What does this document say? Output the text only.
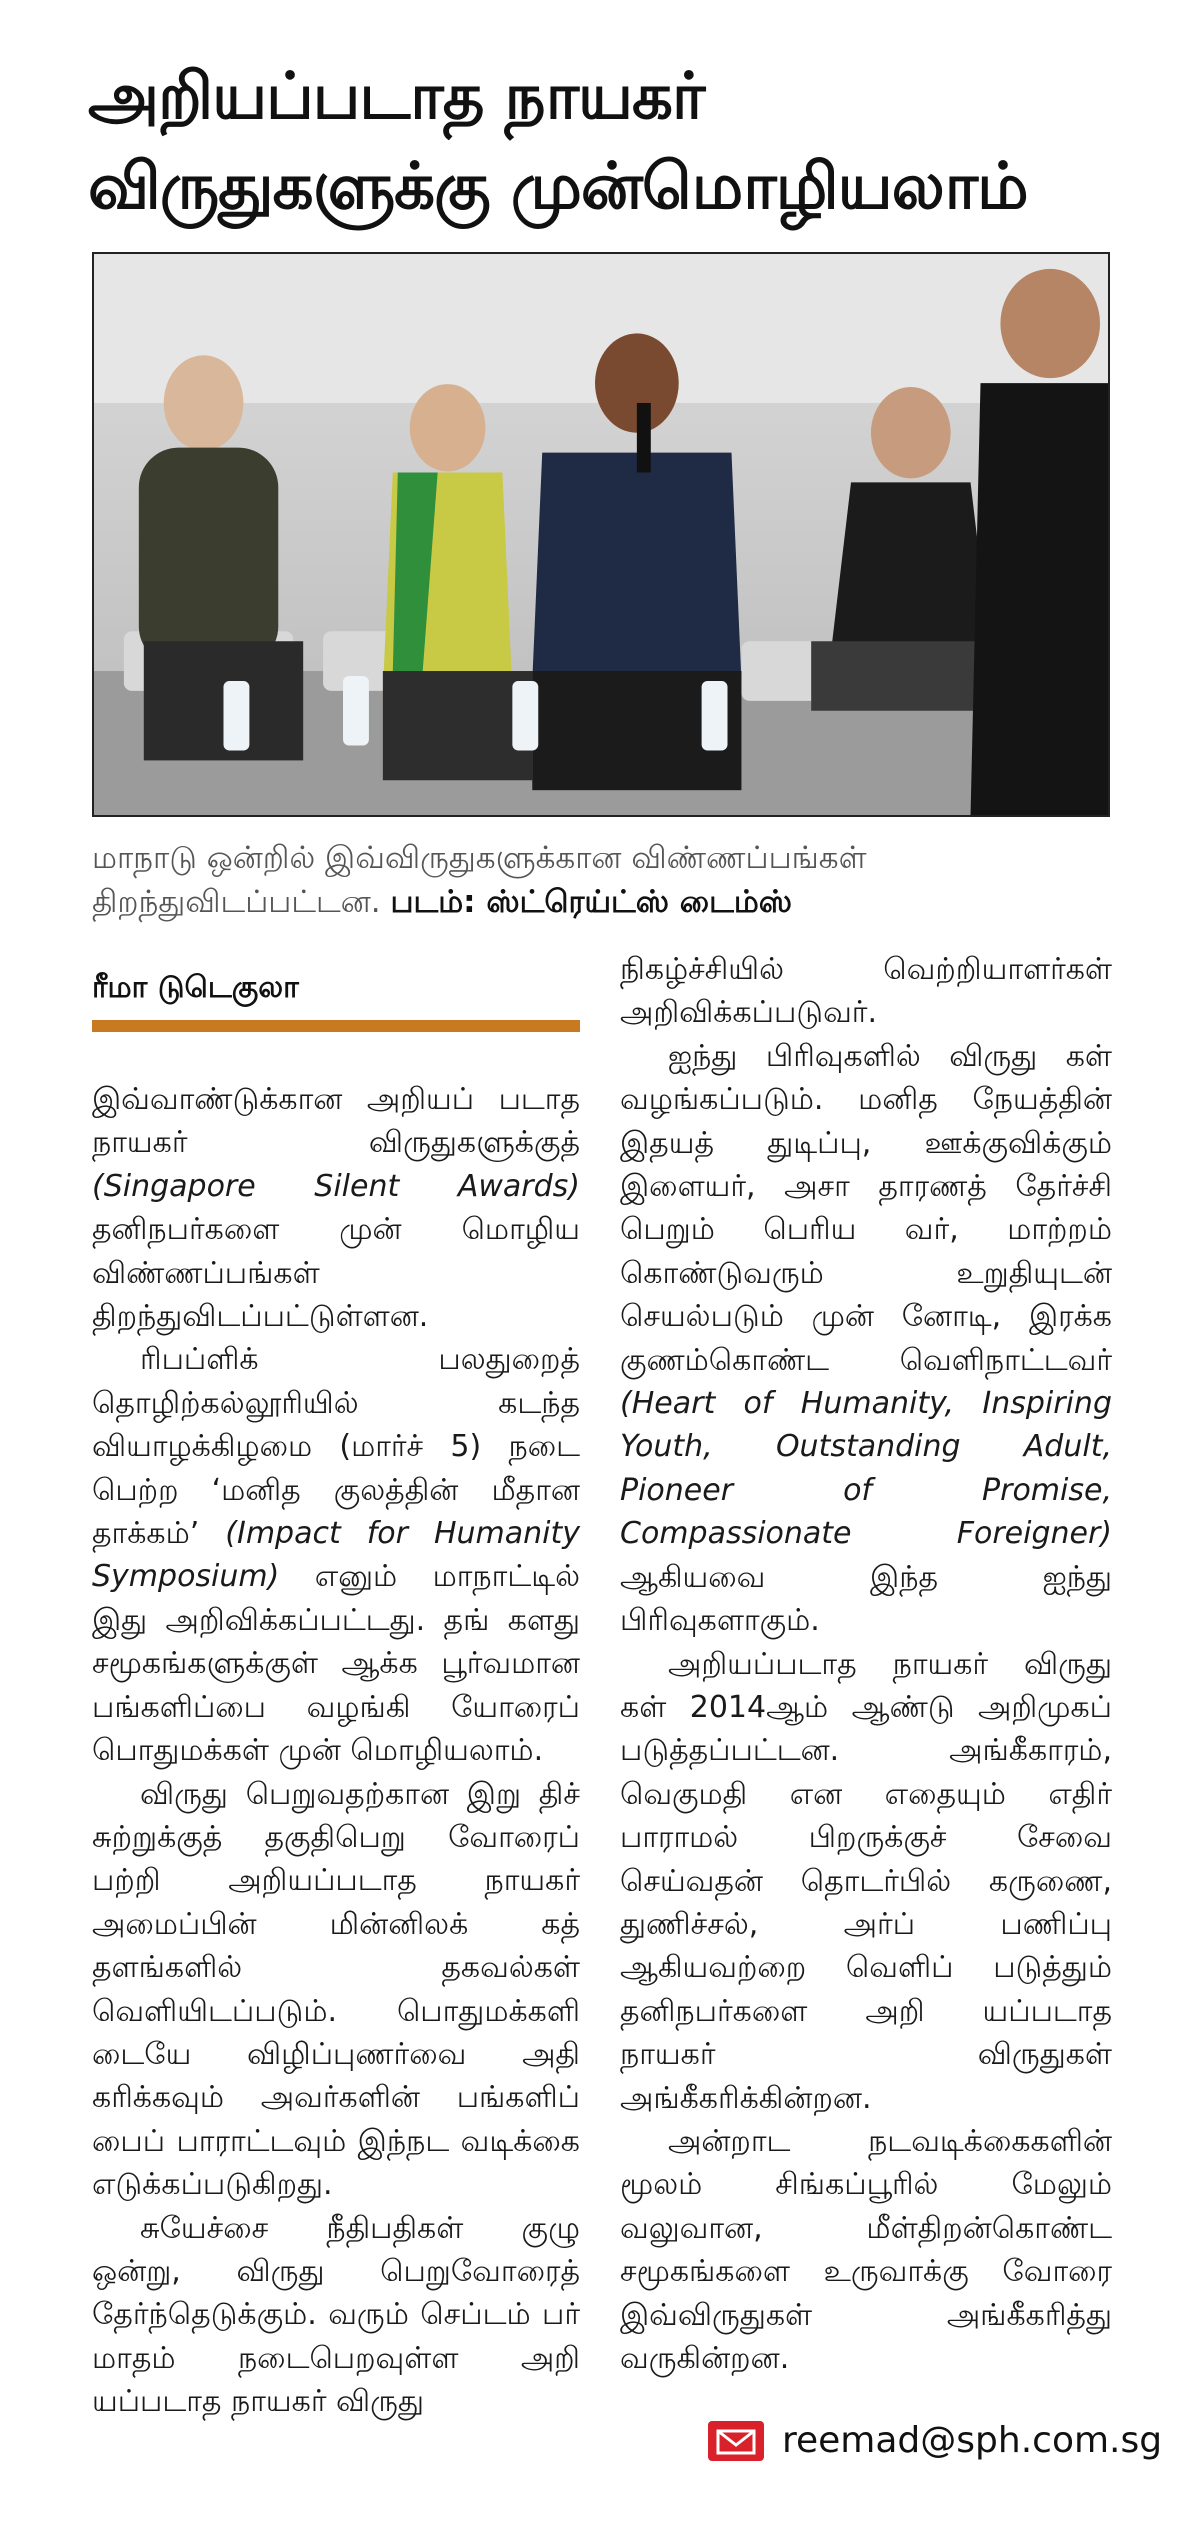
அறியப்படாத நாயகர்
விருதுகளுக்கு முன்மொழியலாம்
மாநாடு ஒன்றில் இவ்விருதுகளுக்கான விண்ணப்பங்கள் திறந்துவிடப்பட்டன. படம்: ஸ்ட்ரெய்ட்ஸ் டைம்ஸ்
ரீமா டுடெகுலா

இவ்வாண்டுக்கான அறியப் படாத நாயகர் விருதுகளுக்குத் (Singapore Silent Awards) தனிநபர்களை முன் மொழிய விண்ணப்பங்கள் திறந்துவிடப்பட்டுள்ளன.

ரிபப்ளிக் பலதுறைத் தொழிற்கல்லூரியில் கடந்த வியாழக்கிழமை (மார்ச் 5) நடை பெற்ற ‘மனித குலத்தின் மீதான தாக்கம்’ (Impact for Humanity Symposium) எனும் மாநாட்டில் இது அறிவிக்கப்பட்டது. தங் களது சமூகங்களுக்குள் ஆக்க பூர்வமான பங்களிப்பை வழங்கி யோரைப் பொதுமக்கள் முன் மொழியலாம்.

விருது பெறுவதற்கான இறு திச் சுற்றுக்குத் தகுதிபெறு வோரைப் பற்றி அறியப்படாத நாயகர் அமைப்பின் மின்னிலக் கத் தளங்களில் தகவல்கள் வெளியிடப்படும். பொதுமக்களி டையே விழிப்புணர்வை அதி கரிக்கவும் அவர்களின் பங்களிப் பைப் பாராட்டவும் இந்நட வடிக்கை எடுக்கப்படுகிறது.

சுயேச்சை நீதிபதிகள் குழு ஒன்று, விருது பெறுவோரைத் தேர்ந்தெடுக்கும். வரும் செப்டம் பர் மாதம் நடைபெறவுள்ள அறி யப்படாத நாயகர் விருது

நிகழ்ச்சியில் வெற்றியாளர்கள் அறிவிக்கப்படுவர்.

ஐந்து பிரிவுகளில் விருது கள் வழங்கப்படும். மனித நேயத்தின் இதயத் துடிப்பு, ஊக்குவிக்கும் இளையர், அசா தாரணத் தேர்ச்சி பெறும் பெரிய வர், மாற்றம் கொண்டுவரும் உறுதியுடன் செயல்படும் முன் னோடி, இரக்க குணம்கொண்ட வெளிநாட்டவர் (Heart of Humanity, Inspiring Youth, Outstanding Adult, Pioneer of Promise, Compassionate Foreigner) ஆகியவை இந்த ஐந்து பிரிவுகளாகும்.

அறியப்படாத நாயகர் விருது கள் 2014ஆம் ஆண்டு அறிமுகப் படுத்தப்பட்டன. அங்கீகாரம், வெகுமதி என எதையும் எதிர் பாராமல் பிறருக்குச் சேவை செய்வதன் தொடர்பில் கருணை, துணிச்சல், அர்ப் பணிப்பு ஆகியவற்றை வெளிப் படுத்தும் தனிநபர்களை அறி யப்படாத நாயகர் விருதுகள் அங்கீகரிக்கின்றன.

அன்றாட நடவடிக்கைகளின் மூலம் சிங்கப்பூரில் மேலும் வலுவான, மீள்திறன்கொண்ட சமூகங்களை உருவாக்கு வோரை இவ்விருதுகள் அங்கீகரித்து வருகின்றன.

reemad@sph.com.sg
